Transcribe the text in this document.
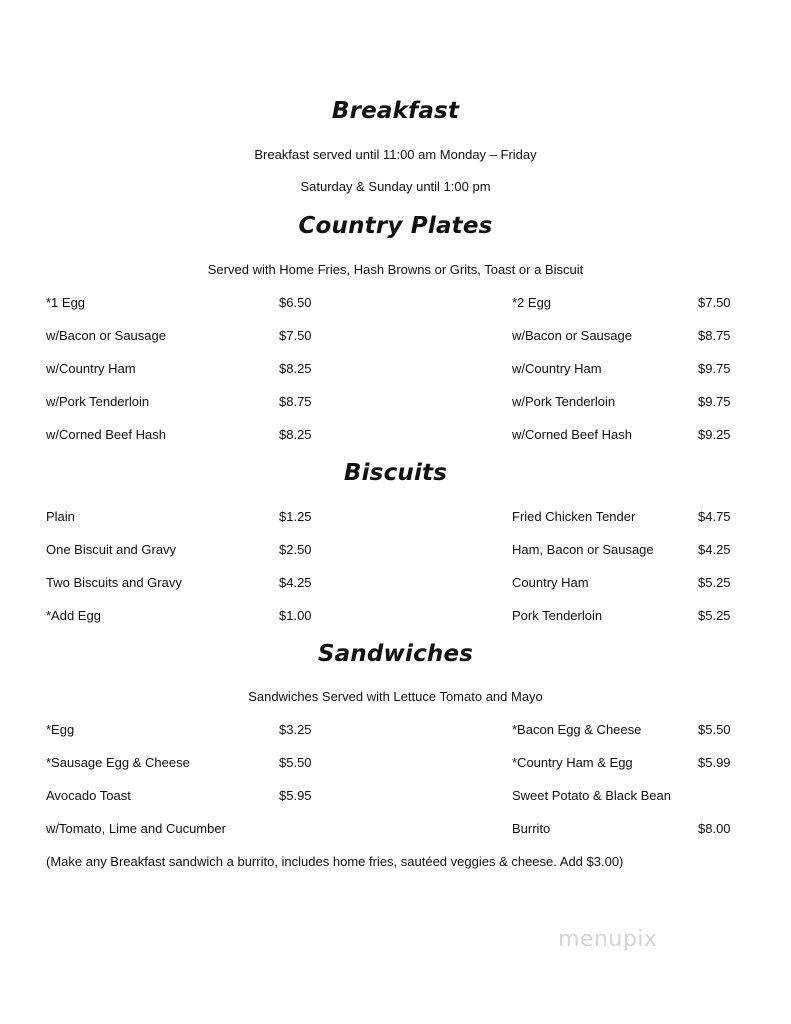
Breakfast
Breakfast served until 11:00 am Monday – Friday
Saturday & Sunday until 1:00 pm
Country Plates
Served with Home Fries, Hash Browns or Grits, Toast or a Biscuit
*1 Egg	$6.50	*2 Egg	$7.50
w/Bacon or Sausage	$7.50	w/Bacon or Sausage	$8.75
w/Country Ham	$8.25	w/Country Ham	$9.75
w/Pork Tenderloin	$8.75	w/Pork Tenderloin	$9.75
w/Corned Beef Hash	$8.25	w/Corned Beef Hash	$9.25
Biscuits
Plain	$1.25	Fried Chicken Tender	$4.75
One Biscuit and Gravy	$2.50	Ham, Bacon or Sausage	$4.25
Two Biscuits and Gravy	$4.25	Country Ham	$5.25
*Add Egg	$1.00	Pork Tenderloin	$5.25
Sandwiches
Sandwiches Served with Lettuce Tomato and Mayo
*Egg	$3.25	*Bacon Egg & Cheese	$5.50
*Sausage Egg & Cheese	$5.50	*Country Ham & Egg	$5.99
Avocado Toast	$5.95	Sweet Potato & Black Bean
w/Tomato, Lime and Cucumber	Burrito	$8.00
(Make any Breakfast sandwich a burrito, includes home fries, sautéed veggies & cheese. Add $3.00)
menupix
